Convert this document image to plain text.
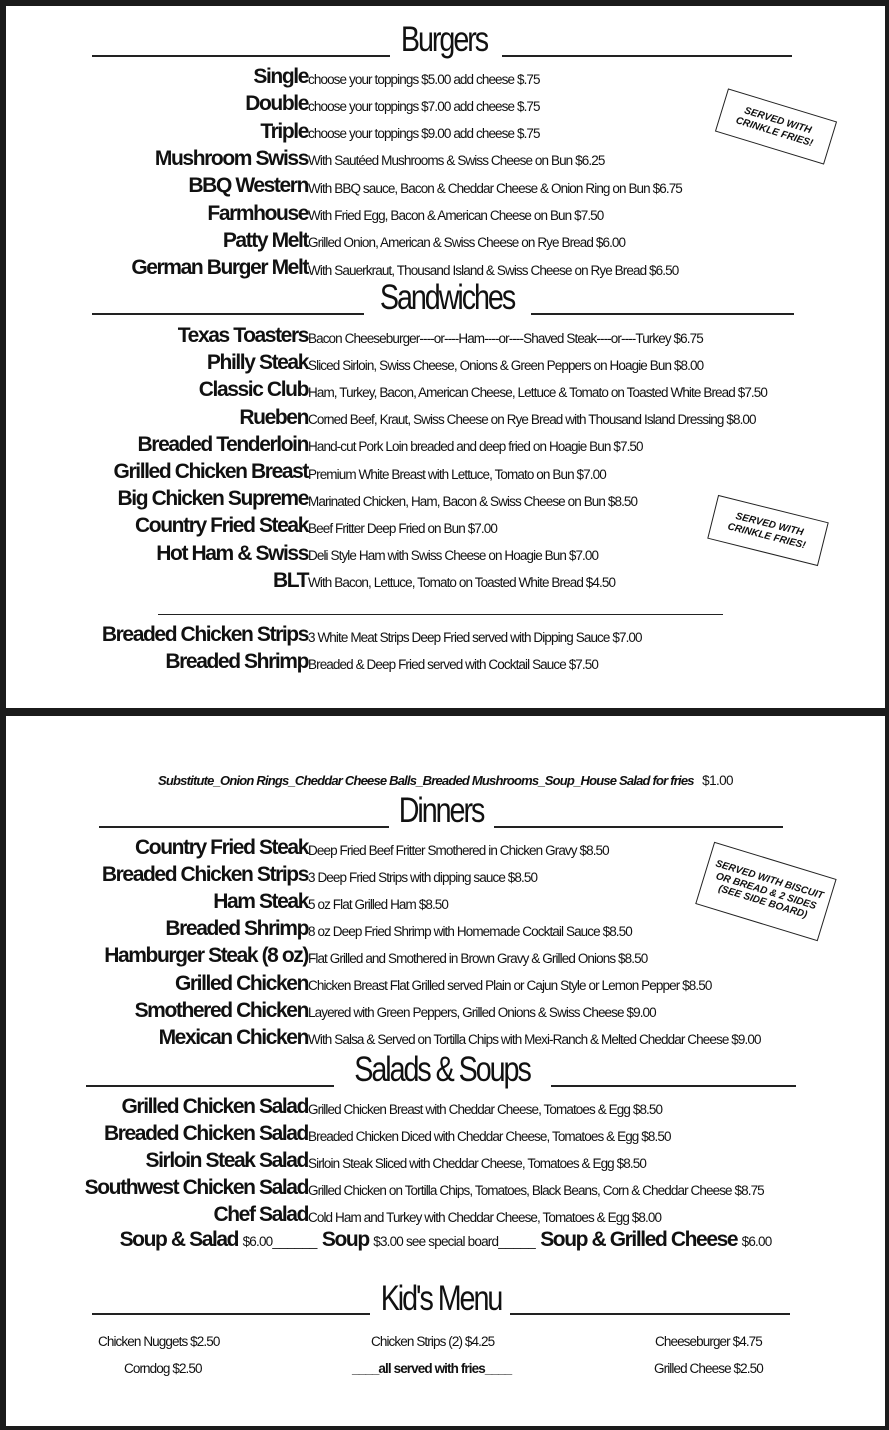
Burgers
Single choose your toppings $5.00 add cheese $.75
Double choose your toppings $7.00 add cheese $.75
Triple choose your toppings $9.00 add cheese $.75
Mushroom Swiss With Sautéed Mushrooms & Swiss Cheese on Bun $6.25
BBQ Western With BBQ sauce, Bacon & Cheddar Cheese & Onion Ring on Bun $6.75
Farmhouse With Fried Egg, Bacon & American Cheese on Bun $7.50
Patty Melt Grilled Onion, American & Swiss Cheese on Rye Bread $6.00
German Burger Melt With Sauerkraut, Thousand Island & Swiss Cheese on Rye Bread $6.50
SERVED WITH CRINKLE FRIES!
Sandwiches
Texas Toasters Bacon Cheeseburger----or----Ham----or----Shaved Steak----or----Turkey $6.75
Philly Steak Sliced Sirloin, Swiss Cheese, Onions & Green Peppers on Hoagie Bun $8.00
Classic Club Ham, Turkey, Bacon, American Cheese, Lettuce & Tomato on Toasted White Bread $7.50
Rueben Corned Beef, Kraut, Swiss Cheese on Rye Bread with Thousand Island Dressing $8.00
Breaded Tenderloin Hand-cut Pork Loin breaded and deep fried on Hoagie Bun $7.50
Grilled Chicken Breast Premium White Breast with Lettuce, Tomato on Bun $7.00
Big Chicken Supreme Marinated Chicken, Ham, Bacon & Swiss Cheese on Bun $8.50
Country Fried Steak Beef Fritter Deep Fried on Bun $7.00
Hot Ham & Swiss Deli Style Ham with Swiss Cheese on Hoagie Bun $7.00
BLT With Bacon, Lettuce, Tomato on Toasted White Bread $4.50
SERVED WITH CRINKLE FRIES!
Breaded Chicken Strips 3 White Meat Strips Deep Fried served with Dipping Sauce $7.00
Breaded Shrimp Breaded & Deep Fried served with Cocktail Sauce $7.50
Substitute_Onion Rings_Cheddar Cheese Balls_Breaded Mushrooms_Soup_House Salad for fries $1.00
Dinners
Country Fried Steak Deep Fried Beef Fritter Smothered in Chicken Gravy $8.50
Breaded Chicken Strips 3 Deep Fried Strips with dipping sauce $8.50
Ham Steak 5 oz Flat Grilled Ham $8.50
Breaded Shrimp 8 oz Deep Fried Shrimp with Homemade Cocktail Sauce $8.50
Hamburger Steak (8 oz) Flat Grilled and Smothered in Brown Gravy & Grilled Onions $8.50
Grilled Chicken Chicken Breast Flat Grilled served Plain or Cajun Style or Lemon Pepper $8.50
Smothered Chicken Layered with Green Peppers, Grilled Onions & Swiss Cheese $9.00
Mexican Chicken With Salsa & Served on Tortilla Chips with Mexi-Ranch & Melted Cheddar Cheese $9.00
SERVED WITH BISCUIT OR BREAD & 2 SIDES (SEE SIDE BOARD)
Salads & Soups
Grilled Chicken Salad Grilled Chicken Breast with Cheddar Cheese, Tomatoes & Egg $8.50
Breaded Chicken Salad Breaded Chicken Diced with Cheddar Cheese, Tomatoes & Egg $8.50
Sirloin Steak Salad Sirloin Steak Sliced with Cheddar Cheese, Tomatoes & Egg $8.50
Southwest Chicken Salad Grilled Chicken on Tortilla Chips, Tomatoes, Black Beans, Corn & Cheddar Cheese $8.75
Chef Salad Cold Ham and Turkey with Cheddar Cheese, Tomatoes & Egg $8.00
Soup & Salad $6.00______ Soup $3.00 see special board_____ Soup & Grilled Cheese $6.00
Kid's Menu
Chicken Nuggets $2.50	Chicken Strips (2) $4.25	Cheeseburger $4.75
Corndog $2.50	____all served with fries____	Grilled Cheese $2.50
